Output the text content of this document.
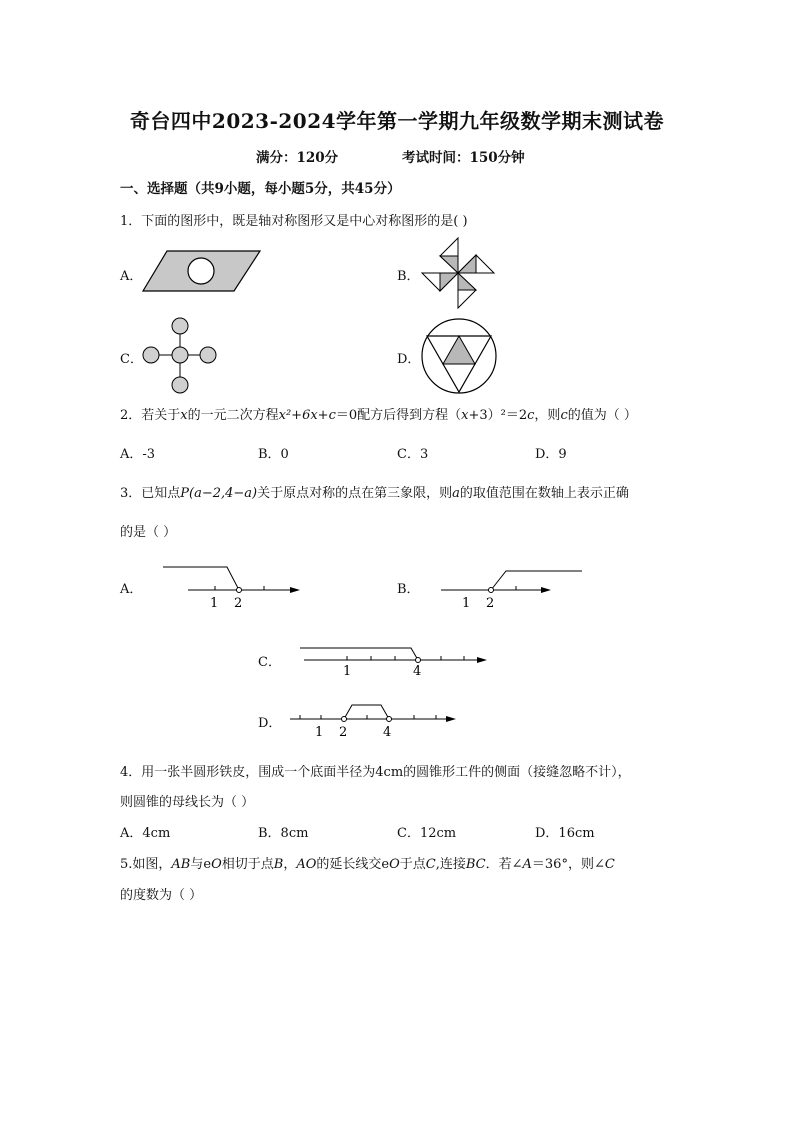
奇台四中2023-2024学年第一学期九年级数学期末测试卷
满分：120分	考试时间：150分钟
一、选择题（共9小题，每小题5分，共45分）
1．下面的图形中，既是轴对称图形又是中心对称图形的是( )
A．	B．
C．	D．
2．若关于x的一元二次方程x²+6x+c＝0配方后得到方程（x+3）²＝2c，则c的值为（ ）
A．-3	B．0	C．3	D．9
3．已知点P(a−2,4−a)关于原点对称的点在第三象限，则a的取值范围在数轴上表示正确
的是（ ）
A．	B．
C．
D．
1 2	1 2
1	4
1 2	4
4．用一张半圆形铁皮，围成一个底面半径为4cm的圆锥形工件的侧面（接缝忽略不计），
则圆锥的母线长为（ ）
A．4cm	B．8cm	C．12cm	D．16cm
5.如图，AB与eO相切于点B，AO的延长线交eO于点C,连接BC．若∠A＝36°，则∠C
的度数为（ ）
